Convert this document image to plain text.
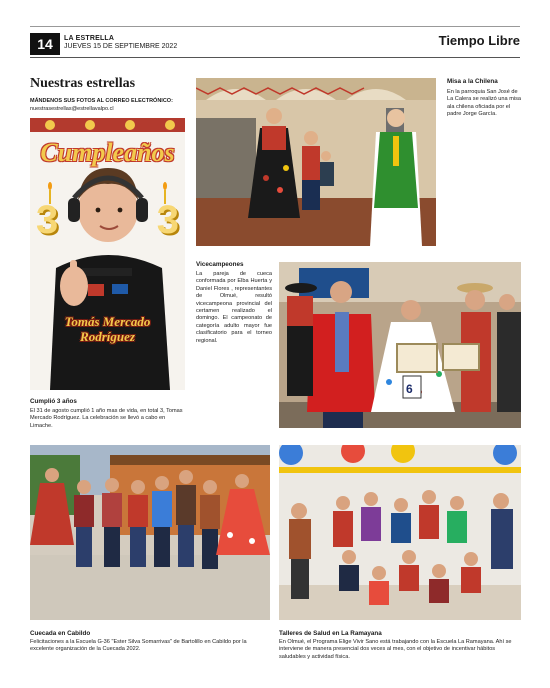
14	LA ESTRELLA
JUEVES 15 DE SEPTIEMBRE 2022	Tiempo Libre
Nuestras estrellas
MÁNDENOS SUS FOTOS AL CORREO ELECTRÓNICO:
nuestrasestrellas@estrellavalpo.cl
Cumpleaños
3 3
Tomás Mercado
Rodríguez
Cumplió 3 años
El 31 de agosto cumplió 1 año mas de vida, en total 3, Tomas Mercado Rodríguez. La celebración se llevó a cabo en Limache.
Misa a la Chilena
En la parroquia San José de La Calera se realizó una misa ala chilena oficiada por el padre Jorge García.
Vicecampeones
La pareja de cueca conformada por Elba Huerta y Daniel Flores , representantes de Olmué, resultó vicecampeona provincial del certamen realizado el domingo. El campeonato de categoría adulto mayor fue clasificatorio para el torneo regional.
6
Cuecada en Cabildo
Felicitaciones a la Escuela G-36 "Ester Silva Somarrivas" de Bartolillo en Cabildo por la excelente organización de la Cuecada 2022.
Talleres de Salud en La Ramayana
En Olmué, el Programa Elige Vivir Sano está trabajando con la Escuela La Ramayana. Ahí se interviene de manera presencial dos veces al mes, con el objetivo de incentivar hábitos saludables y actividad física.
